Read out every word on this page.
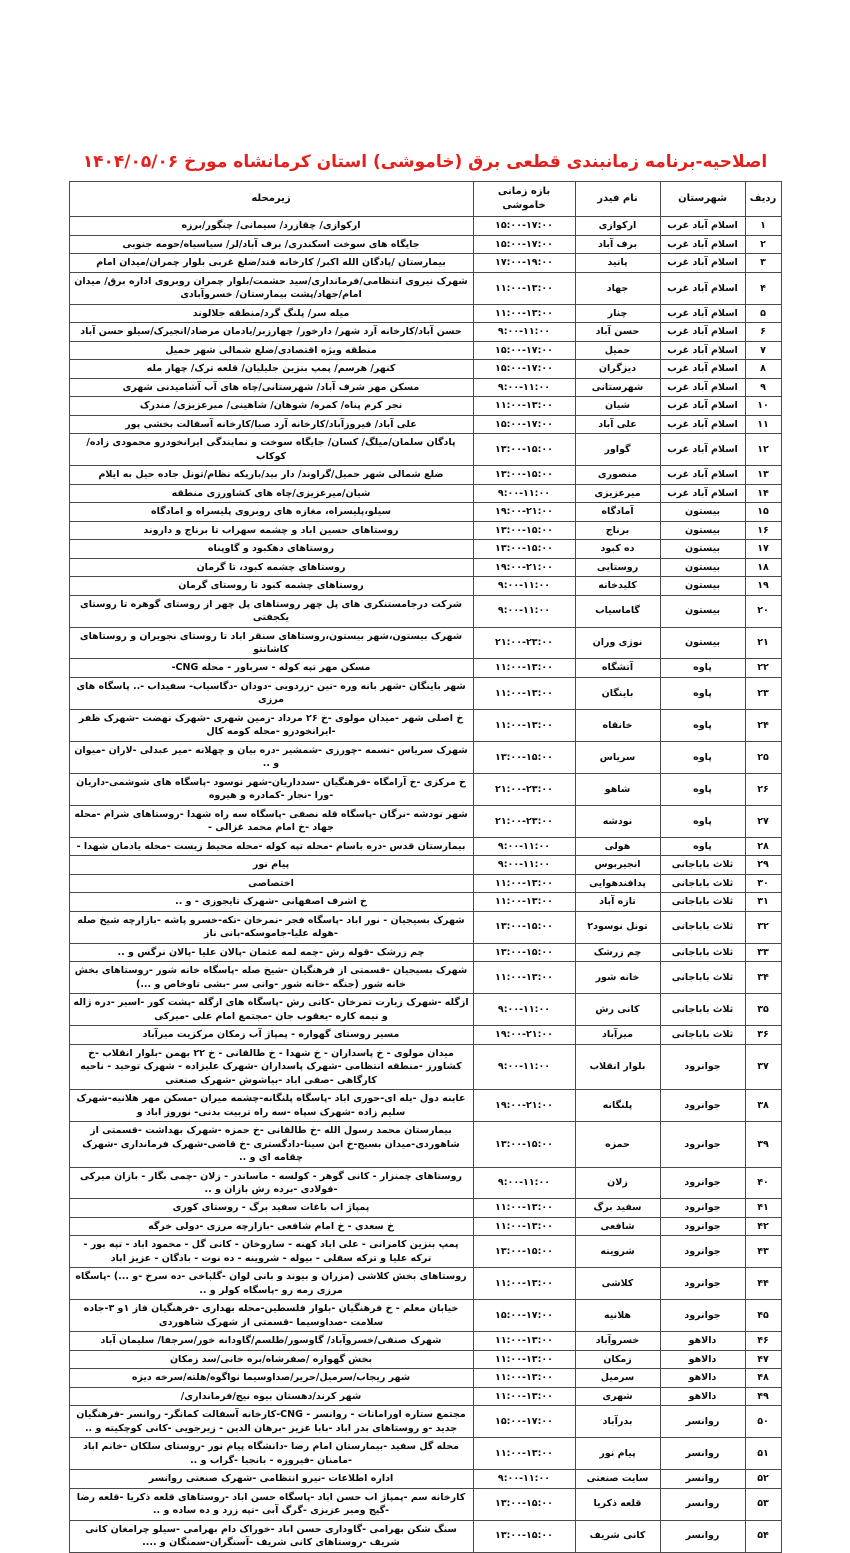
اصلاحیه-برنامه زمانبندی قطعی برق (خاموشی) استان کرمانشاه مورخ ۱۴۰۴/۰۵/۰۶
ردیف	شهرستان	نام فیدر	بازه زمانی خاموشی	زیرمحله
۱	اسلام آباد غرب	ارکوازی	۱۵:۰۰-۱۷:۰۰	ارکوازی/ چقازرد/ سیمانی/ چنگور/برزه
۲	اسلام آباد غرب	برف آباد	۱۵:۰۰-۱۷:۰۰	جایگاه های سوخت اسکندری/ برف آباد/لر/ سیاسیاه/حومه جنوبی
۳	اسلام آباد غرب	پانید	۱۷:۰۰-۱۹:۰۰	بیمارستان /پادگان الله اکبر/ کارخانه قند/ضلع غربی بلوار چمران/میدان امام
۴	اسلام آباد غرب	جهاد	۱۱:۰۰-۱۳:۰۰	شهرک نیروی انتظامی/فرمانداری/سید حشمت/بلوار چمران روبروی اداره برق/ میدان امام/جهاد/پشت بیمارستان/ خسروآبادی
۵	اسلام آباد غرب	چنار	۱۱:۰۰-۱۳:۰۰	میله سر/ پلنگ گرد/منطقه جلالوند
۶	اسلام آباد غرب	حسن آباد	۹:۰۰-۱۱:۰۰	حسن آباد/کارخانه آرد شهر/ دارخور/ چهارزبر/یادمان مرصاد/انجیرک/سیلو حسن آباد
۷	اسلام آباد غرب	حمیل	۱۵:۰۰-۱۷:۰۰	منطقه ویژه اقتصادی/ضلع شمالی شهر حمیل
۸	اسلام آباد غرب	دیزگران	۱۵:۰۰-۱۷:۰۰	کنهر/ هرسم/ پمپ بنزین جلیلیان/ قلعه ترک/ چهار مله
۹	اسلام آباد غرب	شهرستانی	۹:۰۰-۱۱:۰۰	مسکن مهر شرف آباد/ شهرستانی/چاه های آب آشامیدنی شهری
۱۰	اسلام آباد غرب	شیان	۱۱:۰۰-۱۳:۰۰	نجر کرم پناه/ کمره/ شوهان/ شاهینی/ میرعزیزی/ مندرک
۱۱	اسلام آباد غرب	علی آباد	۱۵:۰۰-۱۷:۰۰	علی آباد/ فیروزآباد/کارخانه آرد صبا/کارخانه آسفالت بخشی پور
۱۲	اسلام آباد غرب	گواور	۱۳:۰۰-۱۵:۰۰	پادگان سلمان/میلگ/ کسان/ جایگاه سوخت و نمایندگی ایرانخودرو محمودی زاده/کوکاب
۱۳	اسلام آباد غرب	منصوری	۱۳:۰۰-۱۵:۰۰	ضلع شمالی شهر حمیل/گراوند/ دار بید/باریکه نظام/تونل جاده حیل به ایلام
۱۴	اسلام آباد غرب	میرعزیزی	۹:۰۰-۱۱:۰۰	شیان/میرعزیزی/چاه های کشاورزی منطقه
۱۵	بیستون	آمادگاه	۱۹:۰۰-۲۱:۰۰	سیلو،پلیسراه، مغازه های روبروی پلیسراه و امادگاه
۱۶	بیستون	برناج	۱۳:۰۰-۱۵:۰۰	روستاهای حسین اباد و چشمه سهراب تا برناج و داروند
۱۷	بیستون	ده کبود	۱۳:۰۰-۱۵:۰۰	روستاهای دهکبود و گاوپناه
۱۸	بیستون	روستایی	۱۹:۰۰-۲۱:۰۰	روستاهای چشمه کبود، تا گرمان
۱۹	بیستون	کلیدخانه	۹:۰۰-۱۱:۰۰	روستاهای چشمه کبود تا روستای گرمان
۲۰	بیستون	گاماسیاب	۹:۰۰-۱۱:۰۰	شرکت درجامستنکری های پل چهر روستاهای پل چهر از روستای گوهره تا روستای یکجفتی
۲۱	بیستون	نوژی وران	۲۱:۰۰-۲۳:۰۰	شهرک بیستون،شهر بیستون،روستاهای سنقر اباد تا روستای نجویران و روستاهای کاشانتو
۲۲	پاوه	آتشگاه	۱۱:۰۰-۱۳:۰۰	مسکن مهر تپه کوله - سرباور - محله CNG-
۲۳	پاوه	باینگان	۱۱:۰۰-۱۳:۰۰	شهر باینگان -شهر بانه وره -تین -زردویی -دودان -دگاسیاب- سفیداب -.. پاسگاه های مرزی
۲۴	پاوه	خانقاه	۱۱:۰۰-۱۳:۰۰	خ اصلی شهر -میدان مولوی -خ ۲۶ مرداد -زمین شهری -شهرک نهضت -شهرک ظفر -ایرانخودرو -محله کومه کال
۲۵	پاوه	سریاس	۱۳:۰۰-۱۵:۰۰	شهرک سریاس -نسمه -چورزی -شمشیر -دره بیان و چهلانه -میر عبدلی -لاران -میوان و ..
۲۶	پاوه	شاهو	۲۱:۰۰-۲۳:۰۰	خ مرکزی -خ آرامگاه -فرهنگیان -سدداریان-شهر نوسود -پاسگاه های شوشمی-داریان -ورا -نجار -کمادره و هیروه
۲۷	پاوه	نودشه	۲۱:۰۰-۲۳:۰۰	شهر نودشه -نرگان -پاسگاه قله نصفی -پاسگاه سه راه شهدا -روستاهای شرام -محله جهاد -خ امام محمد غزالی -
۲۸	پاوه	هولی	۹:۰۰-۱۱:۰۰	بیمارستان قدس -دره باسام -محله تپه کوله -محله محیط زیست -محله یادمان شهدا -
۲۹	ثلاث باباجانی	انجیربوس	۹:۰۰-۱۱:۰۰	پیام نور
۳۰	ثلاث باباجانی	پدافندهوایی	۱۱:۰۰-۱۳:۰۰	اختصاصی
۳۱	ثلاث باباجانی	تازه آباد	۱۱:۰۰-۱۳:۰۰	خ اشرف اصفهانی -شهرک تایجوزی - و ..
۳۲	ثلاث باباجانی	تونل نوسود۲	۱۳:۰۰-۱۵:۰۰	شهرک بسیجیان - نور اباد -پاسگاه فجر -نمرخان -تکه-خسرو پاشه -بازارچه شیخ صله -هوله علیا-جاموسکه-بانی ناز
۳۳	ثلاث باباجانی	چم زرشک	۱۳:۰۰-۱۵:۰۰	چم زرشک -قوله رش -چمه لمه عثمان -پالان علیا -پالان نرگس و ..
۳۴	ثلاث باباجانی	خانه شور	۱۱:۰۰-۱۳:۰۰	شهرک بسیجیان -قسمتی از فرهنگیان -شیخ صله -پاسگاه خانه شور -روستاهای بخش خانه شور (جنگه -خانه شور -وانی سر -بشی تاوخاص و ...)
۳۵	ثلاث باباجانی	کانی رش	۹:۰۰-۱۱:۰۰	ازگله -شهرک زیارت تمرخان -کانی رش -پاسگاه های ازگله -پشت کور -اسیر -دره ژاله و نیمه کاره -یعقوب جان -مجتمع امام علی -میرکی
۳۶	ثلاث باباجانی	میرآباد	۱۹:۰۰-۲۱:۰۰	مسیر روستای گهواره - پمپاژ آب زمکان مرکزیت میرآباد
۳۷	جوانرود	بلوار انقلاب	۹:۰۰-۱۱:۰۰	میدان مولوی - خ پاسداران - خ شهدا - خ طالقانی - خ ۲۲ بهمن -بلوار انقلاب -خ کشاورز -منطقه انتظامی -شهرک پاسداران -شهرک علیزاده - شهرک توحید - ناحیه کارگاهی -صفی اباد -بیاشوش -شهرک صنعتی
۳۸	جوانرود	پلنگانه	۱۹:۰۰-۲۱:۰۰	عاینه دول -یله ای-حوری اباد -پاسگاه پلنگانه-چشمه میران -مسکن مهر هلانیه-شهرک سلیم زاده -شهرک سپاه -سه راه تربیت بدنی- نوروز اباد و
۳۹	جوانرود	حمزه	۱۳:۰۰-۱۵:۰۰	بیمارستان محمد رسول الله -خ طالقانی -خ حمزه -شهرک بهداشت -قسمتی از شاهوردی-میدان بسیج-خ ابن سینا-دادگستری -خ قاضی-شهرک فرمانداری -شهرک چقامه ای و ..
۴۰	جوانرود	زلان	۹:۰۰-۱۱:۰۰	روستاهای چمنزار - کانی گوهر - کولسه - ماساندر - زلان -چمی بگار - بازان میرکی -فولادی -برده رش بازان و ..
۴۱	جوانرود	سفید برگ	۱۱:۰۰-۱۳:۰۰	پمپاژ اب باغات سفید برگ - روستای کوری
۴۲	جوانرود	شافعی	۱۱:۰۰-۱۳:۰۰	خ سعدی - خ امام شافعی -بازارچه مرزی -دولی خرگه
۴۳	جوانرود	شروینه	۱۳:۰۰-۱۵:۰۰	پمپ بنزین کامرانی - علی اباد کهنه - ساروخان - کانی گل - محمود اباد - تپه بور - ترکه علیا و ترکه سفلی - بیوله - شروینه - ده نوت - بادگان - عزیز اباد
۴۴	جوانرود	کلاشی	۱۱:۰۰-۱۳:۰۰	روستاهای بخش کلاشی (مزران و بیوند و بانی لوان -گلباخی -ده سرخ -و ...) -پاسگاه مرزی رمه رو -پاسگاه کولر و ..
۴۵	جوانرود	هلانیه	۱۵:۰۰-۱۷:۰۰	خیابان معلم - خ فرهنگیان -بلوار فلسطین-محله بهداری -فرهنگیان فاز ۱و ۳-جاده سلامت -صداوسیما -قسمتی از شهرک شاهوردی
۴۶	دالاهو	خسروآباد	۱۱:۰۰-۱۳:۰۰	شهرک صنفی/خسروآباد/ گاوسور/طلسم/گاودانه خور/سرجفا/ سلیمان آباد
۴۷	دالاهو	زمکان	۱۱:۰۰-۱۳:۰۰	بخش گهواره /صفرشاه/بره خانی/سد زمکان
۴۸	دالاهو	سرمیل	۱۱:۰۰-۱۳:۰۰	شهر ریجاب/سرمیل/حریر/صداوسیما نواگوه/هلته/سرخه دیزه
۴۹	دالاهو	شهری	۱۱:۰۰-۱۳:۰۰	شهر کرند/دهستان بیوه نیج/فرمانداری/
۵۰	روانسر	بدرآباد	۱۵:۰۰-۱۷:۰۰	مجتمع ستاره اورامانات - روانسر - CNG-کارخانه آسفالت کمانگر- روانسر -فرهنگیان جدید -و روستاهای بدر اباد -بابا عزیز -برهان الدین - زیرجویی -کانی کوچکیته و ..
۵۱	روانسر	پیام نور	۱۱:۰۰-۱۳:۰۰	محله گل سفید -بیمارستان امام رضا -دانشگاه پیام نور -روستای سلکان -خانم اباد -مامنان -فیروزه - بانجیا -گراب و ..
۵۲	روانسر	سایت صنعتی	۹:۰۰-۱۱:۰۰	اداره اطلاعات -نیرو انتظامی -شهرک صنعتی روانسر
۵۳	روانسر	قلعه ذکریا	۱۳:۰۰-۱۵:۰۰	کارخانه سم -پمپاژ اب حسن اباد -پاسگاه حسن اباد -روستاهای قلعه ذکریا -قلعه رضا -گیج ومیر عزیزی -گرگ آبی -تپه زرد و ده ساده و ..
۵۴	روانسر	کانی شریف	۱۳:۰۰-۱۵:۰۰	سنگ شکن بهرامی -گاوداری حسن اباد -خوراک دام بهرامی -سیلو چرامغان کانی شریف -روستاهای کانی شریف -آسنگران-سمنگان و ....
